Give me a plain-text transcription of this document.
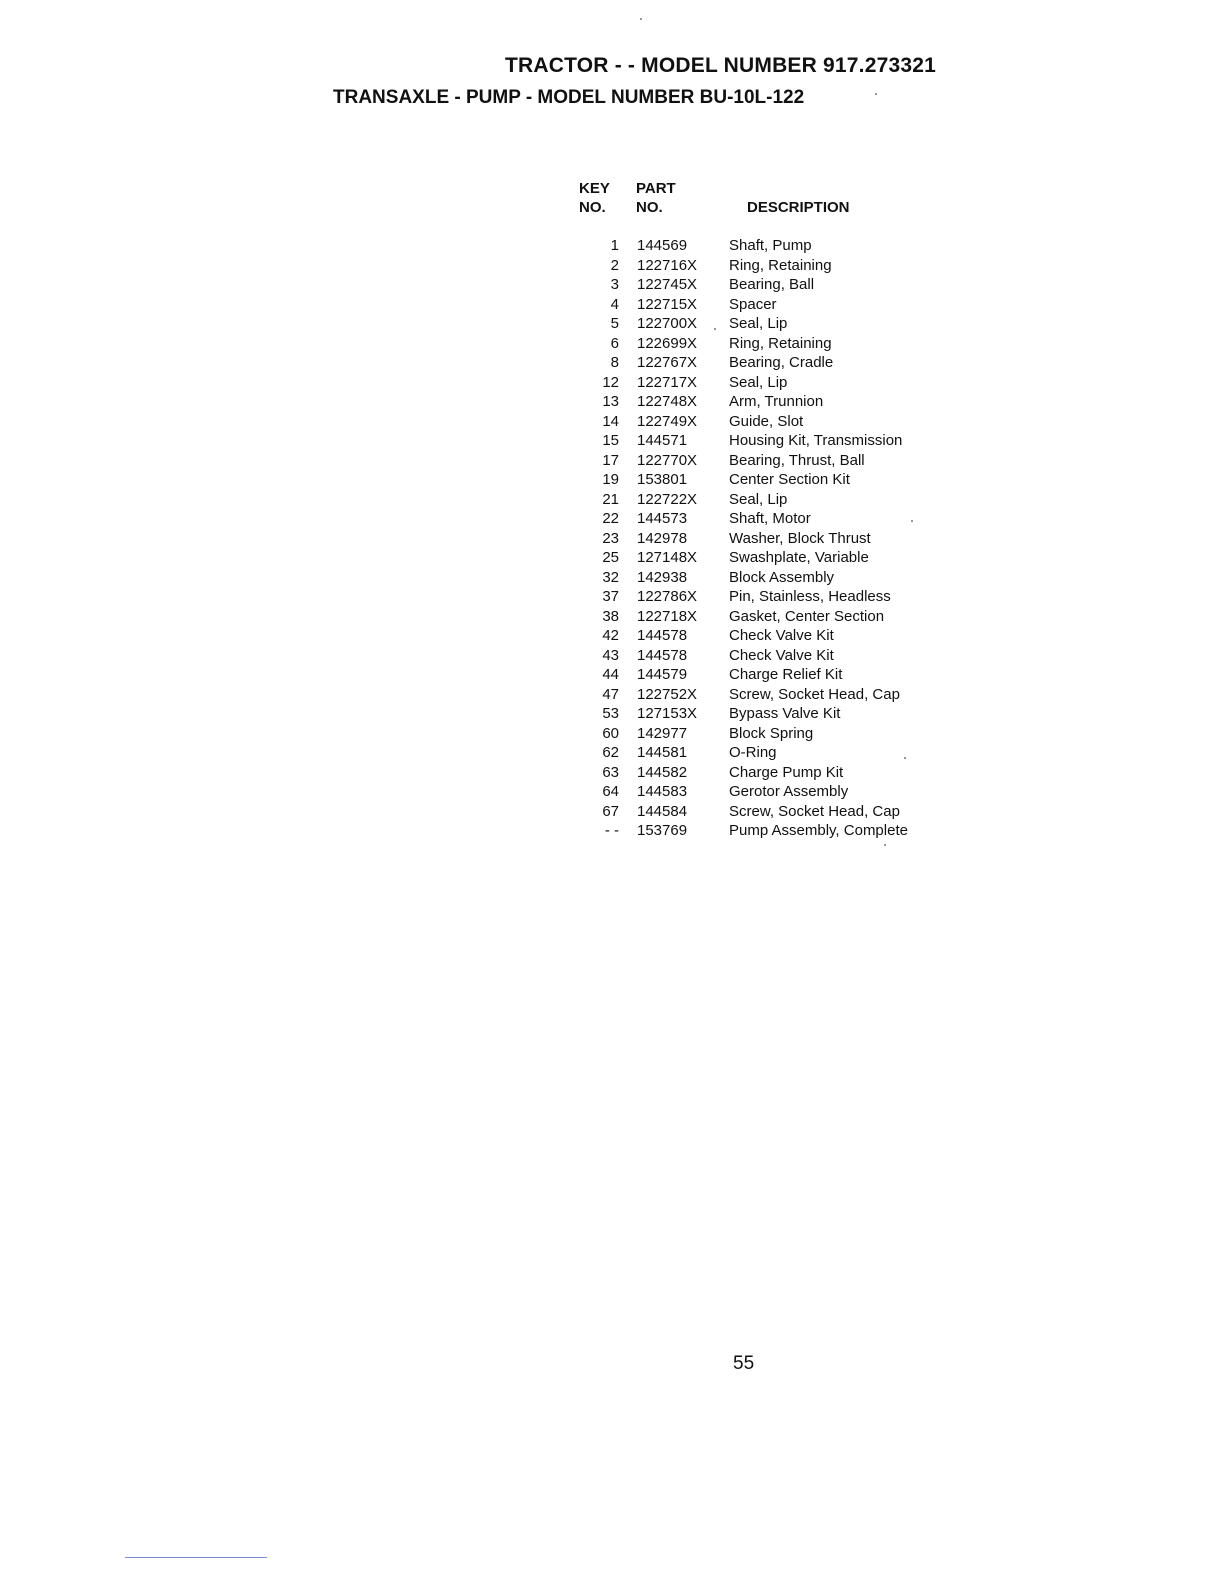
TRACTOR - - MODEL NUMBER 917.273321
TRANSAXLE - PUMP - MODEL NUMBER BU-10L-122
KEY
NO.
PART
NO.	DESCRIPTION
1	144569	Shaft, Pump
2	122716X	Ring, Retaining
3	122745X	Bearing, Ball
4	122715X	Spacer
5	122700X	Seal, Lip
6	122699X	Ring, Retaining
8	122767X	Bearing, Cradle
12	122717X	Seal, Lip
13	122748X	Arm, Trunnion
14	122749X	Guide, Slot
15	144571	Housing Kit, Transmission
17	122770X	Bearing, Thrust, Ball
19	153801	Center Section Kit
21	122722X	Seal, Lip
22	144573	Shaft, Motor
23	142978	Washer, Block Thrust
25	127148X	Swashplate, Variable
32	142938	Block Assembly
37	122786X	Pin, Stainless, Headless
38	122718X	Gasket, Center Section
42	144578	Check Valve Kit
43	144578	Check Valve Kit
44	144579	Charge Relief Kit
47	122752X	Screw, Socket Head, Cap
53	127153X	Bypass Valve Kit
60	142977	Block Spring
62	144581	O-Ring
63	144582	Charge Pump Kit
64	144583	Gerotor Assembly
67	144584	Screw, Socket Head, Cap
- -	153769	Pump Assembly, Complete
55
